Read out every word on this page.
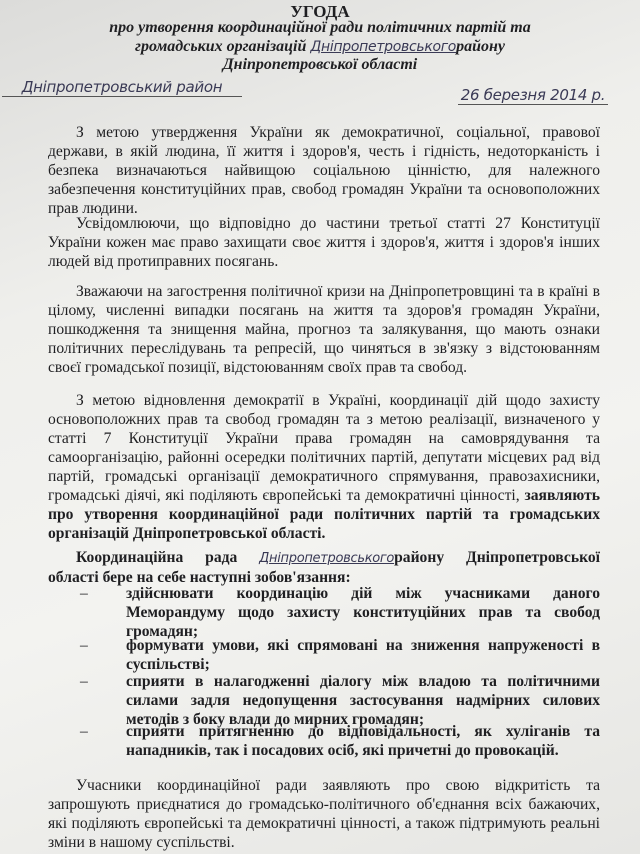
УГОДА
про утворення координаційної ради політичних партій та
громадських організацій Дніпропетровськогорайону
Дніпропетровської області
Дніпропетровський район	26 березня 2014 р.
З метою утвердження України як демократичної, соціальної, правової держави, в якій людина, її життя і здоров'я, честь і гідність, недоторканість і безпека визначаються найвищою соціальною цінністю, для належного забезпечення конституційних прав, свобод громадян України та основоположних прав людини.
Усвідомлюючи, що відповідно до частини третьої статті 27 Конституції України кожен має право захищати своє життя і здоров'я, життя і здоров'я інших людей від протиправних посягань.
Зважаючи на загострення політичної кризи на Дніпропетровщині та в країні в цілому, численні випадки посягань на життя та здоров'я громадян України, пошкодження та знищення майна, прогноз та залякування, що мають ознаки політичних переслідувань та репресій, що чиняться в зв'язку з відстоюванням своєї громадської позиції, відстоюванням своїх прав та свобод.
З метою відновлення демократії в Україні, координації дій щодо захисту основоположних прав та свобод громадян та з метою реалізації, визначеного у статті 7 Конституції України права громадян на самоврядування та самоорганізацію, районні осередки політичних партій, депутати місцевих рад від партій, громадські організації демократичного спрямування, правозахисники, громадські діячі, які поділяють європейські та демократичні цінності, заявляють про утворення координаційної ради політичних партій та громадських організацій Дніпропетровської області.
Координаційна рада Дніпропетровськогорайону Дніпропетровської області бере на себе наступні зобов'язання:
– здійснювати координацію дій між учасниками даного Меморандуму щодо захисту конституційних прав та свобод громадян;
– формувати умови, які спрямовані на зниження напруженості в суспільстві;
– сприяти в налагодженні діалогу між владою та політичними силами задля недопущення застосування надмірних силових методів з боку влади до мирних громадян;
– сприяти притягненню до відповідальності, як хуліганів та нападників, так і посадових осіб, які причетні до провокацій.
Учасники координаційної ради заявляють про свою відкритість та запрошують приєднатися до громадсько-політичного об'єднання всіх бажаючих, які поділяють європейські та демократичні цінності, а також підтримують реальні зміни в нашому суспільстві.
